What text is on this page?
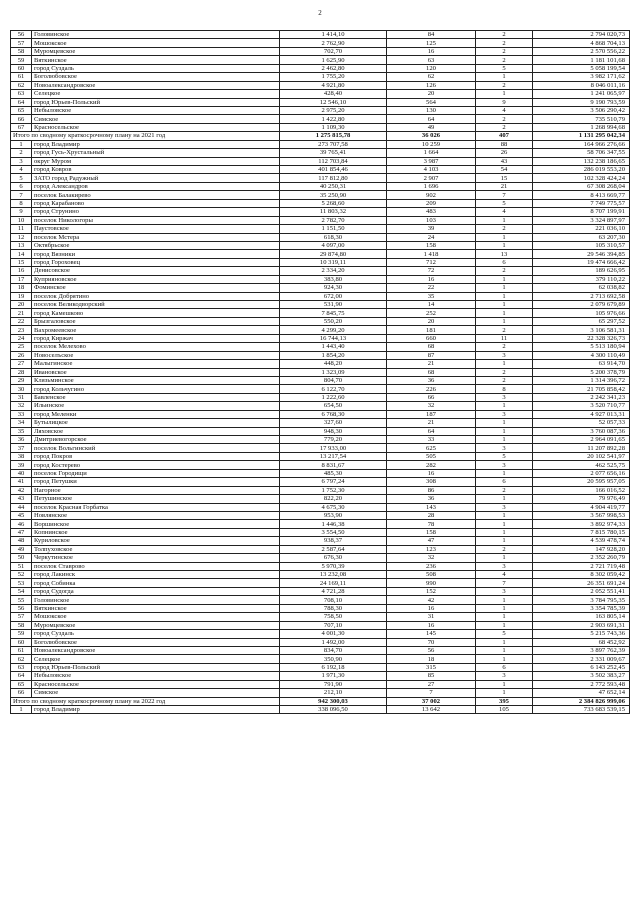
2
56	Головинское	1 414,10	84	2	2 794 020,73
57	Мошокское	2 762,90	125	2	4 868 704,13
58	Муромцевское	702,70	16	2	2 570 556,22
59	Вяткинское	1 625,90	63	2	1 181 101,68
60	город Суздаль	2 462,80	120	5	5 058 199,54
61	Боголюбовское	1 755,20	62	1	3 982 171,62
62	Новоалександровское	4 921,80	126	2	8 046 011,16
63	Селецкое	428,40	20	1	1 241 065,97
64	город Юрьев-Польский	12 546,10	564	9	9 190 793,59
65	Небыловское	2 975,20	130	4	3 506 290,42
66	Симское	1 422,80	64	2	735 510,79
67	Красносельское	1 109,30	49	2	1 268 994,68
Итого по сводному краткосрочному плану на 2021 год		1 275 815,78	36 026	407	1 131 295 042,34
1	город Владимир	273 707,58	10 259	88	164 966 276,66
2	город Гусь-Хрустальный	39 765,41	1 664	26	58 706 347,55
3	округ Муром	112 703,84	3 987	43	132 238 186,65
4	город Ковров	401 854,46	4 103	54	286 019 553,20
5	ЗАТО город Радужный	117 812,80	2 907	15	102 328 424,24
6	город Александров	40 250,31	1 696	21	67 308 268,04
7	поселок Балакирево	35 250,90	902	7	8 413 669,77
8	город Карабаново	5 268,60	209	5	7 749 775,57
9	город Струнино	11 803,32	483	4	8 707 199,91
10	поселок Никологоры	2 782,70	103	1	3 324 897,97
11	Паустовское	1 151,50	39	2	221 036,10
12	поселок Мстера	618,30	24	1	63 207,30
13	Октябрьское	4 097,00	158	1	105 310,57
14	город Вязники	29 874,80	1 418	13	29 546 394,85
15	город Гороховец	10 319,11	712	6	19 474 666,42
16	Денисовское	2 334,20	72	2	189 626,95
17	Куприяновское	383,80	16	1	379 110,22
18	Фоминское	924,30	22	1	62 038,82
19	поселок Добрятино	672,00	35	1	2 713 692,58
20	поселок Великодворский	531,90	14	1	2 079 679,89
21	город Камешково	7 845,75	252	1	105 976,66
22	Брызгаловское	550,20	20	1	65 297,52
23	Вахромеевское	4 299,20	181	2	3 106 581,31
24	город Киржач	16 744,13	660	11	22 328 326,73
25	поселок Мелехово	1 443,40	68	2	5 513 180,94
26	Новоселъское	1 854,20	87	3	4 300 110,49
27	Малыгинское	448,20	21	1	63 914,70
28	Ивановское	1 323,09	68	2	5 200 378,79
29	Клязьминское	804,70	36	2	1 314 396,72
30	город Кольчугино	6 122,70	226	8	21 705 858,42
31	Бавленское	1 222,60	66	3	2 242 341,23
32	Ильинское	654,50	32	1	3 520 710,77
33	город Меленки	6 768,30	187	3	4 927 013,31
34	Бутылицкое	327,60	21	1	52 057,33
35	Ляховское	948,30	64	1	3 760 087,36
36	Дмитриевогорское	779,20	33	1	2 964 091,65
37	поселок Вольгинский	17 933,00	625	3	11 207 892,28
38	город Покров	13 217,54	505	5	20 102 541,97
39	город Костерево	8 831,67	282	3	462 525,75
40	поселок Городищи	485,30	16	1	2 077 656,16
41	город Петушки	6 797,24	308	6	20 595 957,05
42	Нагорное	1 752,30	86	2	166 016,52
43	Петушинское	822,20	36	1	79 976,49
44	поселок Красная Горбатка	4 675,30	143	3	4 904 419,77
45	Новлянское	953,90	28	1	3 567 998,53
46	Воршинское	1 446,38	78	1	3 892 974,33
47	Копнинское	3 554,50	158	1	7 815 780,15
48	Куриловское	938,37	47	1	4 539 478,74
49	Толпуховское	2 587,64	123	2	147 928,20
50	Черкутинское	676,30	32	1	2 352 260,79
51	поселок Ставрово	5 970,39	236	3	2 721 719,48
52	город Лакинск	13 232,08	508	4	8 302 059,42
53	город Собинка	24 169,11	990	7	26 351 691,24
54	город Судогда	4 721,28	152	3	2 052 551,41
55	Головинское	708,10	42	1	3 784 795,35
56	Вяткинское	788,30	16	1	3 354 785,39
57	Мошокское	758,50	31	1	163 805,14
58	Муромцевское	707,10	16	1	2 903 691,31
59	город Суздаль	4 001,30	145	5	5 215 743,36
60	Боголюбовское	1 492,00	70	1	68 452,92
61	Новоалександровское	834,70	56	1	3 897 762,39
62	Селецкое	350,90	18	1	2 331 009,67
63	город Юрьев-Польский	6 192,18	315	6	6 143 252,45
64	Небыловское	1 971,30	85	3	3 502 383,27
65	Красносельское	791,90	27	1	2 772 593,48
66	Симское	212,10	7	1	47 652,14
Итого по сводному краткосрочному плану на 2022 год		942 300,03	37 002	395	2 384 826 999,06
1	город Владимир	338 096,50	13 642	105	733 683 539,15
